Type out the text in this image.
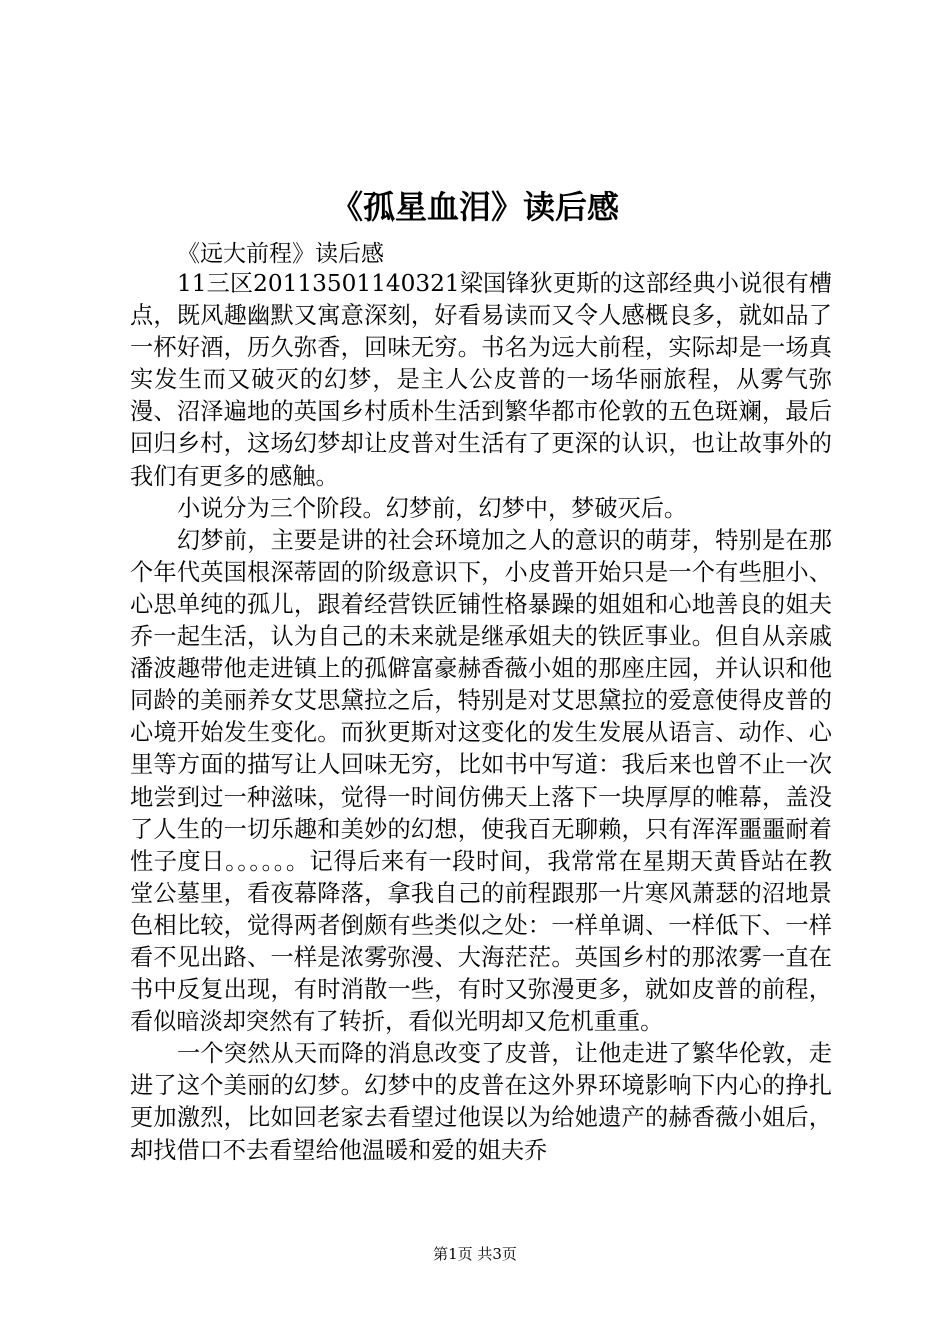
《孤星血泪》读后感
《远大前程》读后感

11三区20113501140321梁国锋狄更斯的这部经典小说很有槽点，既风趣幽默又寓意深刻，好看易读而又令人感概良多，就如品了一杯好酒，历久弥香，回味无穷。书名为远大前程，实际却是一场真实发生而又破灭的幻梦，是主人公皮普的一场华丽旅程，从雾气弥漫、沼泽遍地的英国乡村质朴生活到繁华都市伦敦的五色斑斓，最后回归乡村，这场幻梦却让皮普对生活有了更深的认识，也让故事外的我们有更多的感触。

小说分为三个阶段。幻梦前，幻梦中，梦破灭后。

幻梦前，主要是讲的社会环境加之人的意识的萌芽，特别是在那个年代英国根深蒂固的阶级意识下，小皮普开始只是一个有些胆小、心思单纯的孤儿，跟着经营铁匠铺性格暴躁的姐姐和心地善良的姐夫乔一起生活，认为自己的未来就是继承姐夫的铁匠事业。但自从亲戚潘波趣带他走进镇上的孤僻富豪赫香薇小姐的那座庄园，并认识和他同龄的美丽养女艾思黛拉之后，特别是对艾思黛拉的爱意使得皮普的心境开始发生变化。而狄更斯对这变化的发生发展从语言、动作、心里等方面的描写让人回味无穷，比如书中写道：我后来也曾不止一次地尝到过一种滋味，觉得一时间仿佛天上落下一块厚厚的帷幕，盖没了人生的一切乐趣和美妙的幻想，使我百无聊赖，只有浑浑噩噩耐着性子度日。。。。。。记得后来有一段时间，我常常在星期天黄昏站在教堂公墓里，看夜幕降落，拿我自己的前程跟那一片寒风萧瑟的沼地景色相比较，觉得两者倒颇有些类似之处：一样单调、一样低下、一样看不见出路、一样是浓雾弥漫、大海茫茫。英国乡村的那浓雾一直在书中反复出现，有时消散一些，有时又弥漫更多，就如皮普的前程，看似暗淡却突然有了转折，看似光明却又危机重重。

一个突然从天而降的消息改变了皮普，让他走进了繁华伦敦，走进了这个美丽的幻梦。幻梦中的皮普在这外界环境影响下内心的挣扎更加激烈，比如回老家去看望过他误以为给她遗产的赫香薇小姐后，却找借口不去看望给他温暖和爱的姐夫乔

第1页 共3页
